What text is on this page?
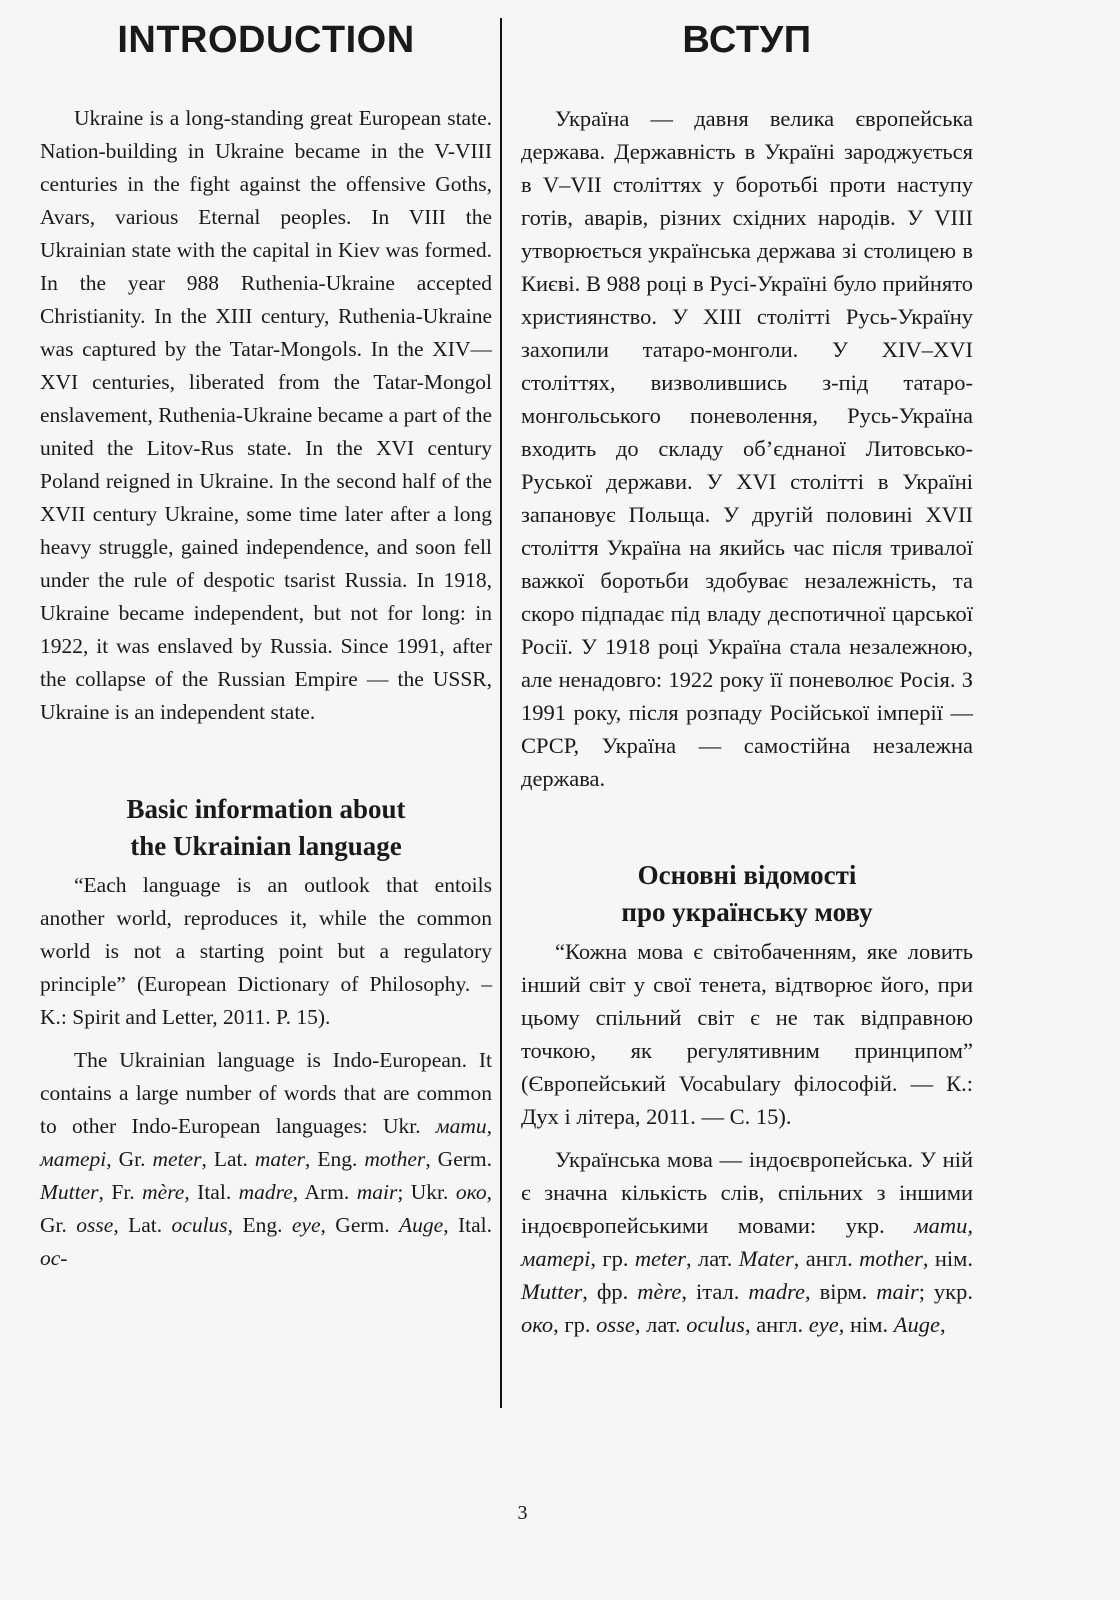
INTRODUCTION

Ukraine is a long-standing great European state. Nation-building in Ukraine became in the V-VIII centuries in the fight against the offensive Goths, Avars, various Eternal peoples. In VIII the Ukrainian state with the capital in Kiev was formed. In the year 988 Ruthenia-Ukraine accepted Christianity. In the XIII century, Ruthenia-Ukraine was captured by the Tatar-Mongols. In the XIV—XVI centuries, liberated from the Tatar-Mongol enslavement, Ruthenia-Ukraine became a part of the united the Litov-Rus state. In the XVI century Poland reigned in Ukraine. In the second half of the XVII century Ukraine, some time later after a long heavy struggle, gained independence, and soon fell under the rule of despotic tsarist Russia. In 1918, Ukraine became independent, but not for long: in 1922, it was enslaved by Russia. Since 1991, after the collapse of the Russian Empire — the USSR, Ukraine is an independent state.

Basic information about
the Ukrainian language

“Each language is an outlook that entoils another world, reproduces it, while the common world is not a starting point but a regulatory principle” (European Dictionary of Philosophy. – K.: Spirit and Letter, 2011. P. 15).

The Ukrainian language is Indo-European. It contains a large number of words that are common to other Indo-European languages: Ukr. мати, матері, Gr. meter, Lat. mater, Eng. mother, Germ. Mutter, Fr. mère, Ital. madre, Arm. mair; Ukr. око, Gr. osse, Lat. oculus, Eng. eye, Germ. Auge, Ital. oc-

ВСТУП

Україна — давня велика європейська держава. Державність в Україні зароджується в V–VII століттях у боротьбі проти наступу готів, аварів, різних східних народів. У VIII утворюється українська держава зі столицею в Києві. В 988 році в Русі-Україні було прийнято християнство. У XIII столітті Русь-Україну захопили татаро-монголи. У XIV–XVI століттях, визволившись з-під татаро-монгольського поневолення, Русь-Україна входить до складу об’єднаної Литовсько-Руської держави. У XVI столітті в Україні запановує Польща. У другій половині XVII століття Україна на якийсь час після тривалої важкої боротьби здобуває незалежність, та скоро підпадає під владу деспотичної царської Росії. У 1918 році Україна стала незалежною, але ненадовго: 1922 року її поневолює Росія. З 1991 року, після розпаду Російської імперії — СРСР, Україна — самостійна незалежна держава.

Основні відомості
про українську мову

“Кожна мова є світобаченням, яке ловить інший світ у свої тенета, відтворює його, при цьому спільний світ є не так відправною точкою, як регулятивним принципом” (Європейський Vocabulary філософій. — К.: Дух і літера, 2011. — С. 15).

Українська мова — індоєвропейська. У ній є значна кількість слів, спільних з іншими індоєвропейськими мовами: укр. мати, матері, гр. meter, лат. Mater, англ. mother, нім. Mutter, фр. mère, італ. madre, вірм. mair; укр. око, гр. osse, лат. oculus, англ. eye, нім. Auge,

3
